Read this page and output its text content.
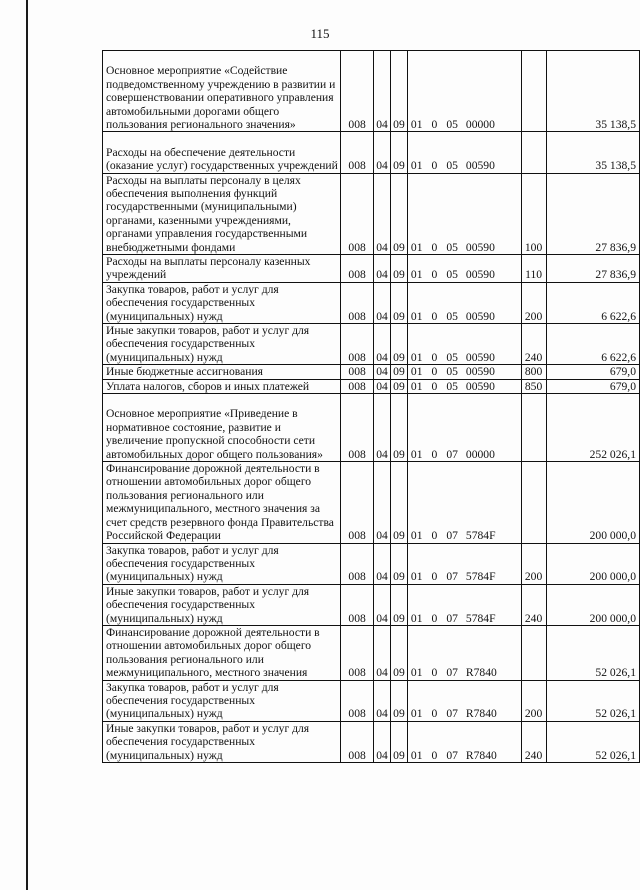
115
Основное мероприятие «Содействие подведомственному учреждению в развитии и совершенствовании оперативного управления автомобильными дорогами общего пользования регионального значения»	008	04	09	01 0 05 00000		35 138,5
Расходы на обеспечение деятельности (оказание услуг) государственных учреждений	008	04	09	01 0 05 00590		35 138,5
Расходы на выплаты персоналу в целях обеспечения выполнения функций государственными (муниципальными) органами, казенными учреждениями, органами управления государственными внебюджетными фондами	008	04	09	01 0 05 00590	100	27 836,9
Расходы на выплаты персоналу казенных учреждений	008	04	09	01 0 05 00590	110	27 836,9
Закупка товаров, работ и услуг для обеспечения государственных (муниципальных) нужд	008	04	09	01 0 05 00590	200	6 622,6
Иные закупки товаров, работ и услуг для обеспечения государственных (муниципальных) нужд	008	04	09	01 0 05 00590	240	6 622,6
Иные бюджетные ассигнования	008	04	09	01 0 05 00590	800	679,0
Уплата налогов, сборов и иных платежей	008	04	09	01 0 05 00590	850	679,0
Основное мероприятие «Приведение в нормативное состояние, развитие и увеличение пропускной способности сети автомобильных дорог общего пользования»	008	04	09	01 0 07 00000		252 026,1
Финансирование дорожной деятельности в отношении автомобильных дорог общего пользования регионального или межмуниципального, местного значения за счет средств резервного фонда Правительства Российской Федерации	008	04	09	01 0 07 5784F		200 000,0
Закупка товаров, работ и услуг для обеспечения государственных (муниципальных) нужд	008	04	09	01 0 07 5784F	200	200 000,0
Иные закупки товаров, работ и услуг для обеспечения государственных (муниципальных) нужд	008	04	09	01 0 07 5784F	240	200 000,0
Финансирование дорожной деятельности в отношении автомобильных дорог общего пользования регионального или межмуниципального, местного значения	008	04	09	01 0 07 R7840		52 026,1
Закупка товаров, работ и услуг для обеспечения государственных (муниципальных) нужд	008	04	09	01 0 07 R7840	200	52 026,1
Иные закупки товаров, работ и услуг для обеспечения государственных (муниципальных) нужд	008	04	09	01 0 07 R7840	240	52 026,1
